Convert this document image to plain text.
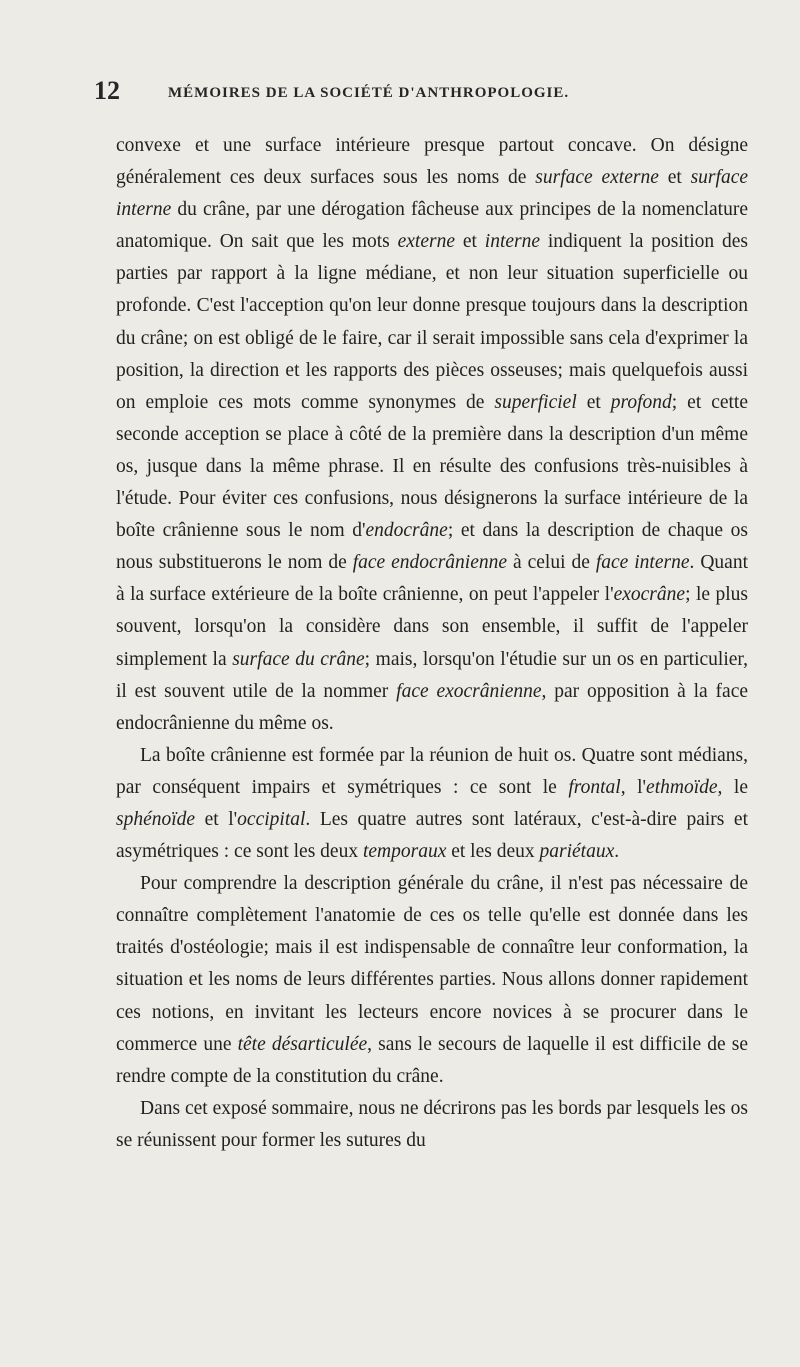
12	MÉMOIRES DE LA SOCIÉTÉ D'ANTHROPOLOGIE.

convexe et une surface intérieure presque partout concave. On désigne généralement ces deux surfaces sous les noms de surface externe et surface interne du crâne, par une dérogation fâcheuse aux principes de la nomenclature anatomique. On sait que les mots externe et interne indiquent la position des parties par rapport à la ligne médiane, et non leur situation superficielle ou profonde. C'est l'acception qu'on leur donne presque toujours dans la description du crâne; on est obligé de le faire, car il serait impossible sans cela d'exprimer la position, la direction et les rapports des pièces osseuses; mais quelquefois aussi on emploie ces mots comme synonymes de superficiel et profond; et cette seconde acception se place à côté de la première dans la description d'un même os, jusque dans la même phrase. Il en résulte des confusions très-nuisibles à l'étude. Pour éviter ces confusions, nous désignerons la surface intérieure de la boîte crânienne sous le nom d'endocrâne; et dans la description de chaque os nous substituerons le nom de face endocrânienne à celui de face interne. Quant à la surface extérieure de la boîte crânienne, on peut l'appeler l'exocrâne; le plus souvent, lorsqu'on la considère dans son ensemble, il suffit de l'appeler simplement la surface du crâne; mais, lorsqu'on l'étudie sur un os en particulier, il est souvent utile de la nommer face exocrânienne, par opposition à la face endocrânienne du même os.

La boîte crânienne est formée par la réunion de huit os. Quatre sont médians, par conséquent impairs et symétriques : ce sont le frontal, l'ethmoïde, le sphénoïde et l'occipital. Les quatre autres sont latéraux, c'est-à-dire pairs et asymétriques : ce sont les deux temporaux et les deux pariétaux.

Pour comprendre la description générale du crâne, il n'est pas nécessaire de connaître complètement l'anatomie de ces os telle qu'elle est donnée dans les traités d'ostéologie; mais il est indispensable de connaître leur conformation, la situation et les noms de leurs différentes parties. Nous allons donner rapidement ces notions, en invitant les lecteurs encore novices à se procurer dans le commerce une tête désarticulée, sans le secours de laquelle il est difficile de se rendre compte de la constitution du crâne.

Dans cet exposé sommaire, nous ne décrirons pas les bords par lesquels les os se réunissent pour former les sutures du
